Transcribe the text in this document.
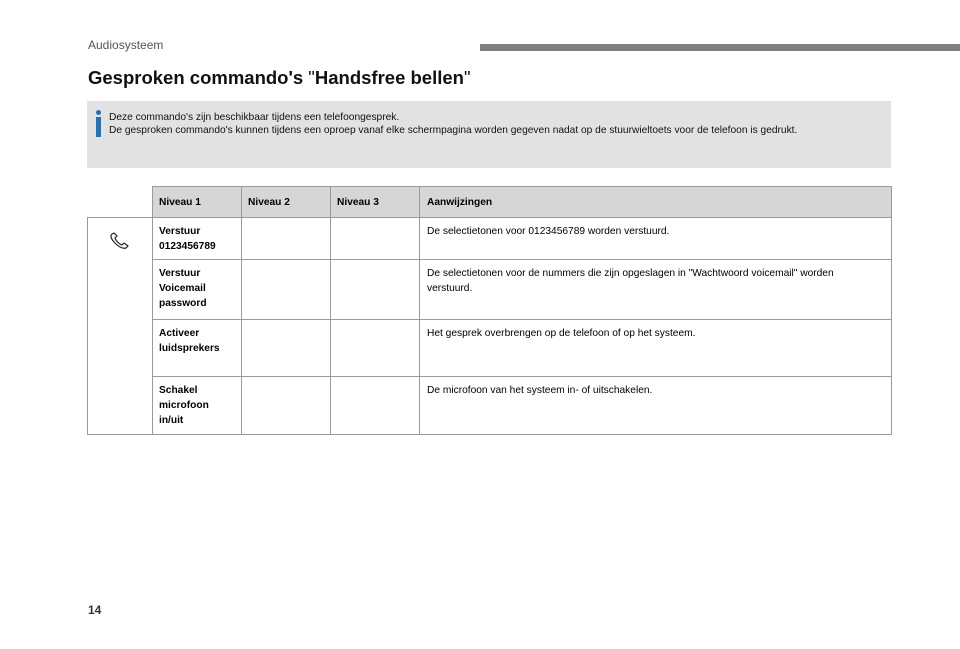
Audiosysteem
Gesproken commando's "Handsfree bellen"
Deze commando's zijn beschikbaar tijdens een telefoongesprek.
De gesproken commando's kunnen tijdens een oproep vanaf elke schermpagina worden gegeven nadat op de stuurwieltoets voor de telefoon is gedrukt.
	Niveau 1	Niveau 2	Niveau 3	Aanwijzingen
	Verstuur
0123456789			De selectietonen voor 0123456789 worden verstuurd.
	Verstuur
Voicemail
password			De selectietonen voor de nummers die zijn opgeslagen in "Wachtwoord voicemail" worden verstuurd.
	Activeer
luidsprekers			Het gesprek overbrengen op de telefoon of op het systeem.
	Schakel
microfoon
in/uit			De microfoon van het systeem in- of uitschakelen.
14
